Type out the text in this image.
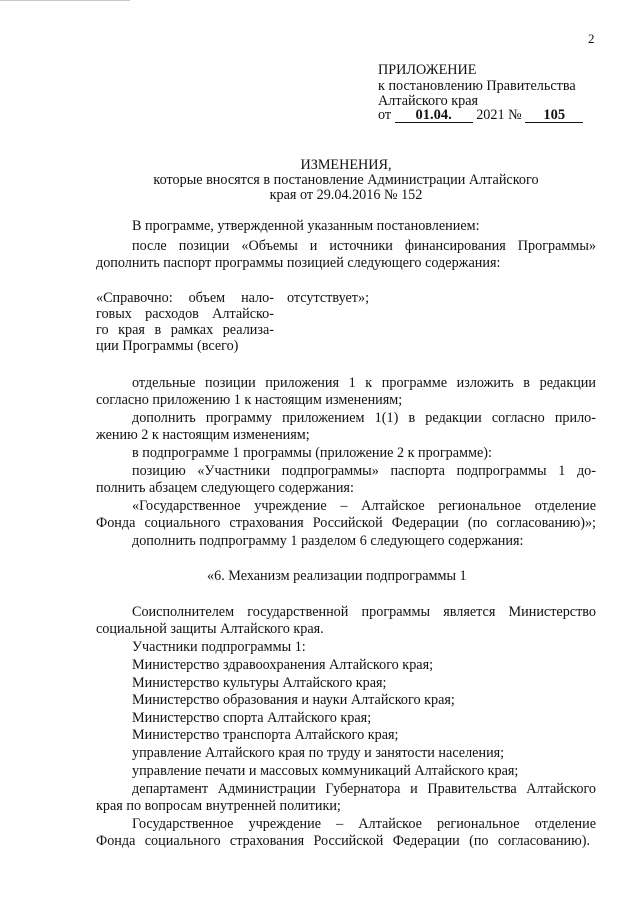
2
ПРИЛОЖЕНИЕ
к постановлению Правительства
Алтайского края
от 01.04. 2021 № 105
ИЗМЕНЕНИЯ,
которые вносятся в постановление Администрации Алтайского
края от 29.04.2016 № 152
В программе, утвержденной указанным постановлением:
после позиции «Объемы и источники финансирования Программы»
дополнить паспорт программы позицией следующего содержания:
«Справочно: объем нало-
говых расходов Алтайско-
го края в рамках реализа-
ции Программы (всего)
отсутствует»;
отдельные позиции приложения 1 к программе изложить в редакции
согласно приложению 1 к настоящим изменениям;
дополнить программу приложением 1(1) в редакции согласно прило-
жению 2 к настоящим изменениям;
в подпрограмме 1 программы (приложение 2 к программе):
позицию «Участники подпрограммы» паспорта подпрограммы 1 до-
полнить абзацем следующего содержания:
«Государственное учреждение – Алтайское региональное отделение
Фонда социального страхования Российской Федерации (по согласованию)»;
дополнить подпрограмму 1 разделом 6 следующего содержания:
«6. Механизм реализации подпрограммы 1
Соисполнителем государственной программы является Министерство
социальной защиты Алтайского края.
Участники подпрограммы 1:
Министерство здравоохранения Алтайского края;
Министерство культуры Алтайского края;
Министерство образования и науки Алтайского края;
Министерство спорта Алтайского края;
Министерство транспорта Алтайского края;
управление Алтайского края по труду и занятости населения;
управление печати и массовых коммуникаций Алтайского края;
департамент Администрации Губернатора и Правительства Алтайского
края по вопросам внутренней политики;
Государственное учреждение – Алтайское региональное отделение
Фонда социального страхования Российской Федерации (по согласованию).
